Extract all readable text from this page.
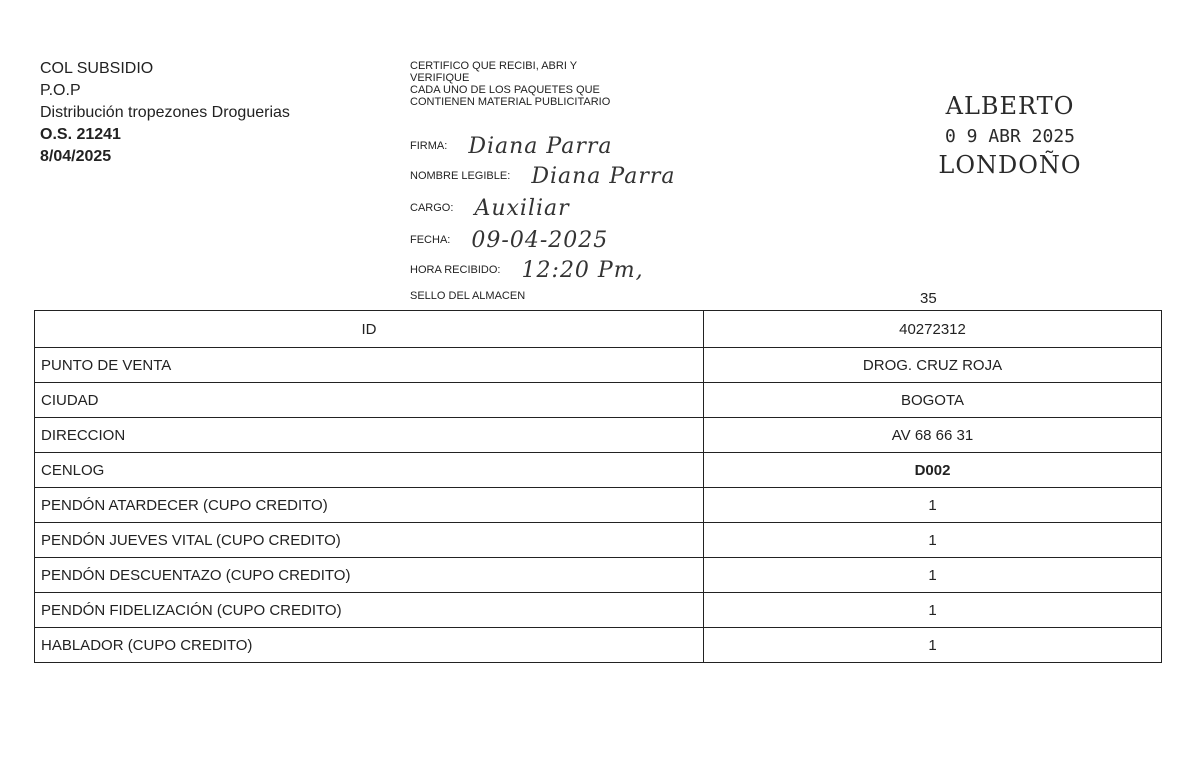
COL SUBSIDIO
P.O.P
Distribución tropezones Droguerias
O.S. 21241
8/04/2025
CERTIFICO QUE RECIBI, ABRI Y
VERIFIQUE
CADA UNO DE LOS PAQUETES QUE
CONTIENEN MATERIAL PUBLICITARIO
FIRMA: Diana Parra
NOMBRE LEGIBLE: Diana Parra
CARGO: Auxiliar
FECHA: 09-04-2025
HORA RECIBIDO: 12:20 Pm,
SELLO DEL ALMACEN
ALBERTO
0 9 ABR 2025
LONDOÑO
35
ID	40272312
PUNTO DE VENTA	DROG. CRUZ ROJA
CIUDAD	BOGOTA
DIRECCION	AV 68 66 31
CENLOG	D002
PENDÓN ATARDECER (CUPO CREDITO)	1
PENDÓN JUEVES VITAL (CUPO CREDITO)	1
PENDÓN DESCUENTAZO (CUPO CREDITO)	1
PENDÓN FIDELIZACIÓN (CUPO CREDITO)	1
HABLADOR (CUPO CREDITO)	1
